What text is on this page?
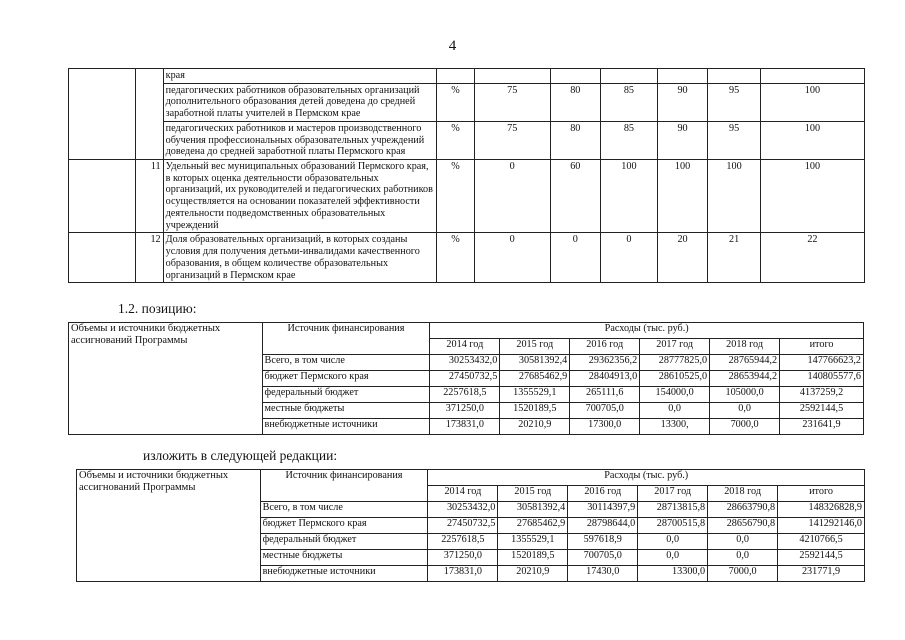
4
		края							
		педагогических работников образовательных организаций дополнительного образования детей доведена до средней заработной платы учителей в Пермском крае	%	75	80	85	90	95	100
		педагогических работников и мастеров производственного обучения профессиональных образовательных учреждений доведена до средней заработной платы Пермского края	%	75	80	85	90	95	100
	11	Удельный вес муниципальных образований Пермского края, в которых оценка деятельности образовательных организаций, их руководителей и педагогических работников осуществляется на основании показателей эффективности деятельности подведомственных образовательных учреждений	%	0	60	100	100	100	100
	12	Доля образовательных организаций, в которых созданы условия для получения детьми-инвалидами качественного образования, в общем количестве образовательных организаций в Пермском крае	%	0	0	0	20	21	22
1.2. позицию:
Объемы и источники бюджетных ассигнований Программы	Источник финансирования	Расходы (тыс. руб.)					
		2014 год	2015 год	2016 год	2017 год	2018 год	итого
	Всего, в том числе	30253432,0	30581392,4	29362356,2	28777825,0	28765944,2	147766623,2
	бюджет Пермского края	27450732,5	27685462,9	28404913,0	28610525,0	28653944,2	140805577,6
	федеральный бюджет	2257618,5	1355529,1	265111,6	154000,0	105000,0	4137259,2
	местные бюджеты	371250,0	1520189,5	700705,0	0,0	0,0	2592144,5
	внебюджетные источники	173831,0	20210,9	17300,0	13300,	7000,0	231641,9
изложить в следующей редакции:
Объемы и источники бюджетных ассигнований Программы	Источник финансирования	Расходы (тыс. руб.)					
		2014 год	2015 год	2016 год	2017 год	2018 год	итого
	Всего, в том числе	30253432,0	30581392,4	30114397,9	28713815,8	28663790,8	148326828,9
	бюджет Пермского края	27450732,5	27685462,9	28798644,0	28700515,8	28656790,8	141292146,0
	федеральный бюджет	2257618,5	1355529,1	597618,9	0,0	0,0	4210766,5
	местные бюджеты	371250,0	1520189,5	700705,0	0,0	0,0	2592144,5
	внебюджетные источники	173831,0	20210,9	17430,0	13300,0	7000,0	231771,9
